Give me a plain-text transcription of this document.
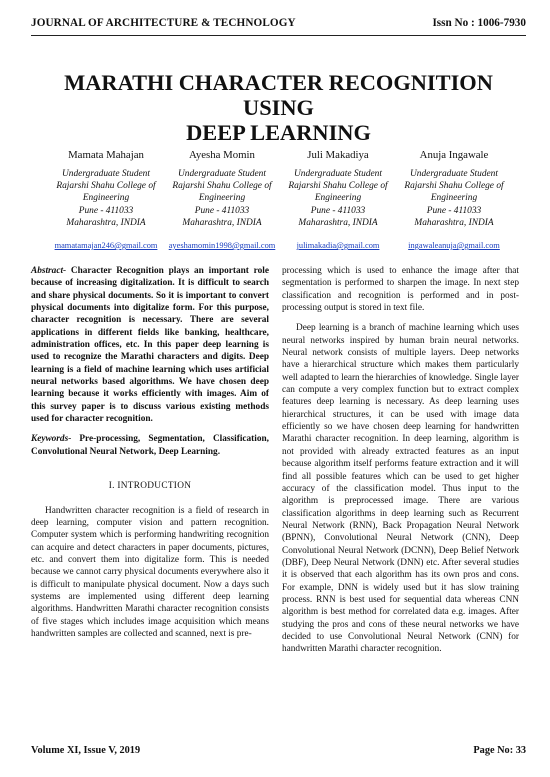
JOURNAL OF ARCHITECTURE & TECHNOLOGY	Issn No : 1006-7930
MARATHI CHARACTER RECOGNITION USING
DEEP LEARNING
Mamata Mahajan
Undergraduate Student
Rajarshi Shahu College of
Engineering
Pune - 411033
Maharashtra, INDIA
mamatamajan246@gmail.com
Ayesha Momin
Undergraduate Student
Rajarshi Shahu College of
Engineering
Pune - 411033
Maharashtra, INDIA
ayeshamomin1998@gmail.com
Juli Makadiya
Undergraduate Student
Rajarshi Shahu College of
Engineering
Pune - 411033
Maharashtra, INDIA
julimakadia@gmail.com
Anuja Ingawale
Undergraduate Student
Rajarshi Shahu College of
Engineering
Pune - 411033
Maharashtra, INDIA
ingawaleanuja@gmail.com

Abstract- Character Recognition plays an important role because of increasing digitalization. It is difficult to search and share physical documents. So it is important to convert physical documents into digitalize form. For this purpose, character recognition is necessary. There are several applications in different fields like banking, healthcare, administration offices, etc. In this paper deep learning is used to recognize the Marathi characters and digits. Deep learning is a field of machine learning which uses artificial neural networks based algorithms. We have chosen deep learning because it works efficiently with images. Aim of this survey paper is to discuss various existing methods used for character recognition.

Keywords- Pre-processing, Segmentation, Classification, Convolutional Neural Network, Deep Learning.

I. INTRODUCTION

Handwritten character recognition is a field of research in deep learning, computer vision and pattern recognition. Computer system which is performing handwriting recognition can acquire and detect characters in paper documents, pictures, etc. and convert them into digitalize form. This is needed because we cannot carry physical documents everywhere also it is difficult to manipulate physical document. Now a days such systems are implemented using different deep learning algorithms. Handwritten Marathi character recognition consists of five stages which includes image acquisition which means handwritten samples are collected and scanned, next is pre-

processing which is used to enhance the image after that segmentation is performed to sharpen the image. In next step classification and recognition is performed and in post-processing output is stored in text file.

Deep learning is a branch of machine learning which uses neural networks inspired by human brain neural networks. Neural network consists of multiple layers. Deep networks have a hierarchical structure which makes them particularly well adapted to learn the hierarchies of knowledge. Single layer can compute a very complex function but to extract complex features deep learning is necessary. As deep learning uses hierarchical structures, it can be used with image data efficiently so we have chosen deep learning for handwritten Marathi character recognition. In deep learning, algorithm is not provided with already extracted features as an input because algorithm itself performs feature extraction and it will find all possible features which can be used to get higher accuracy of the classification model. Thus input to the algorithm is preprocessed image. There are various classification algorithms in deep learning such as Recurrent Neural Network (RNN), Back Propagation Neural Network (BPNN), Convolutional Neural Network (CNN), Deep Convolutional Neural Network (DCNN), Deep Belief Network (DBF), Deep Neural Network (DNN) etc. After several studies it is observed that each algorithm has its own pros and cons. For example, DNN is widely used but it has slow training process. RNN is best used for sequential data whereas CNN algorithm is best method for correlated data e.g. images. After studying the pros and cons of these neural networks we have decided to use Convolutional Neural Network (CNN) for handwritten Marathi character recognition.

Volume XI, Issue V, 2019	Page No: 33
